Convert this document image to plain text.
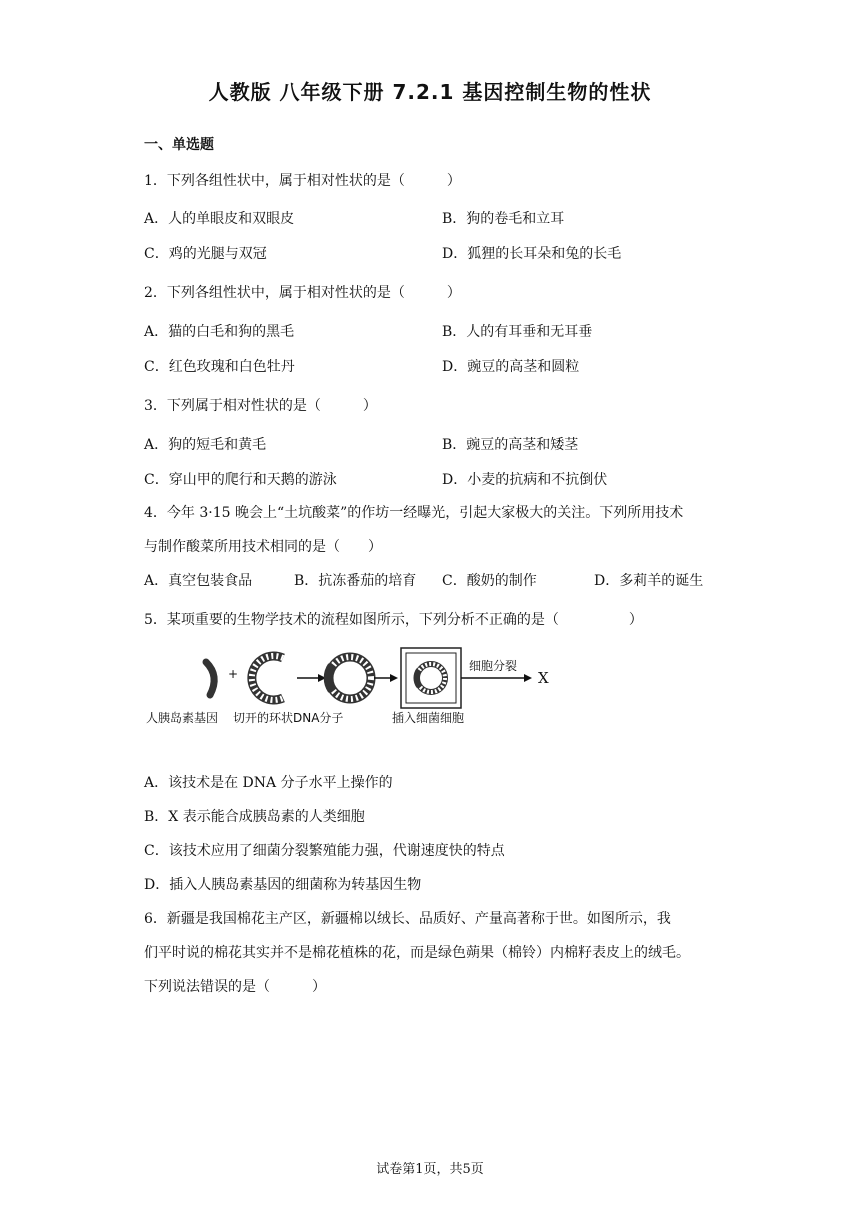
人教版 八年级下册 7.2.1 基因控制生物的性状
一、单选题
1．下列各组性状中，属于相对性状的是（　　　）
A．人的单眼皮和双眼皮	B．狗的卷毛和立耳
C．鸡的光腿与双冠	D．狐狸的长耳朵和兔的长毛
2．下列各组性状中，属于相对性状的是（　　　）
A．猫的白毛和狗的黑毛	B．人的有耳垂和无耳垂
C．红色玫瑰和白色牡丹	D．豌豆的高茎和圆粒
3．下列属于相对性状的是（　　　）
A．狗的短毛和黄毛	B．豌豆的高茎和矮茎
C．穿山甲的爬行和天鹅的游泳	D．小麦的抗病和不抗倒伏
4．今年 3·15 晚会上“土坑酸菜”的作坊一经曝光，引起大家极大的关注。下列所用技术
与制作酸菜所用技术相同的是（　　）
A．真空包装食品	B．抗冻番茄的培育 C．酸奶的制作	D．多莉羊的诞生
5．某项重要的生物学技术的流程如图所示，下列分析不正确的是（　　　　　）
+
细胞分裂
X
人胰岛素基因 切开的环状DNA分子	插入细菌细胞
A．该技术是在 DNA 分子水平上操作的
B．X 表示能合成胰岛素的人类细胞
C．该技术应用了细菌分裂繁殖能力强，代谢速度快的特点
D．插入人胰岛素基因的细菌称为转基因生物
6．新疆是我国棉花主产区，新疆棉以绒长、品质好、产量高著称于世。如图所示，我
们平时说的棉花其实并不是棉花植株的花，而是绿色蒴果（棉铃）内棉籽表皮上的绒毛。
下列说法错误的是（　　　）
试卷第1页，共5页
